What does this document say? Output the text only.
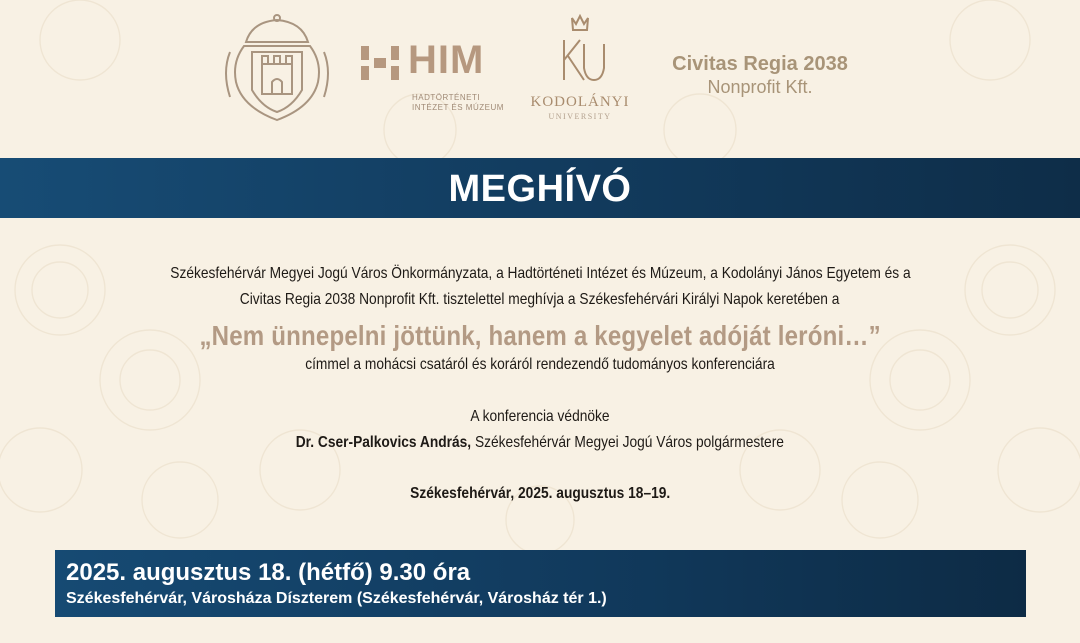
HIM
HADTÖRTÉNETI
INTÉZET ÉS MÚZEUM	KODOLÁNYI
UNIVERSITY
Civitas Regia 2038
Nonprofit Kft.
MEGHÍVÓ
Székesfehérvár Megyei Jogú Város Önkormányzata, a Hadtörténeti Intézet és Múzeum, a Kodolányi János Egyetem és a
Civitas Regia 2038 Nonprofit Kft. tisztelettel meghívja a Székesfehérvári Királyi Napok keretében a
„Nem ünnepelni jöttünk, hanem a kegyelet adóját leróni…”
címmel a mohácsi csatáról és koráról rendezendő tudományos konferenciára
A konferencia védnöke
Dr. Cser-Palkovics András, Székesfehérvár Megyei Jogú Város polgármestere
Székesfehérvár, 2025. augusztus 18–19.
2025. augusztus 18. (hétfő) 9.30 óra
Székesfehérvár, Városháza Díszterem (Székesfehérvár, Városház tér 1.)
